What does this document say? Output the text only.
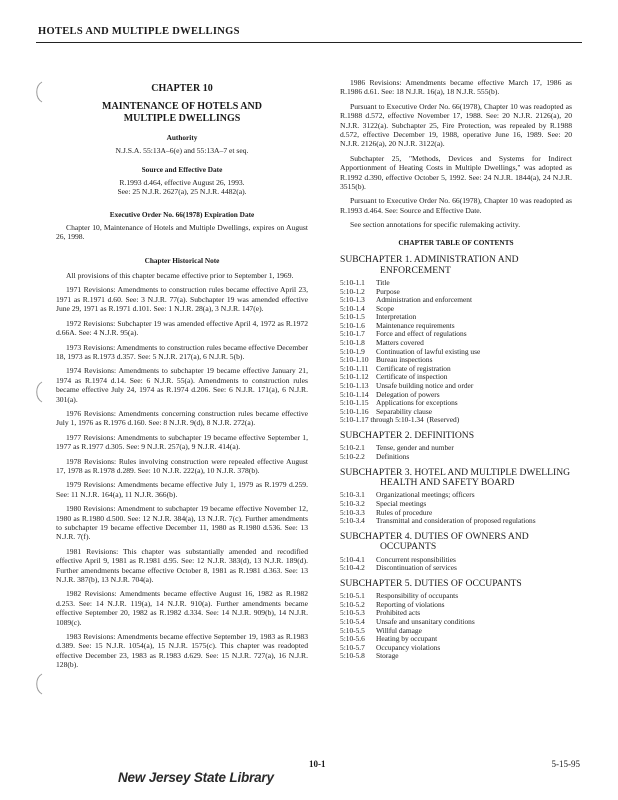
HOTELS AND MULTIPLE DWELLINGS
CHAPTER 10
MAINTENANCE OF HOTELS AND MULTIPLE DWELLINGS
Authority
N.J.S.A. 55:13A–6(e) and 55:13A–7 et seq.
Source and Effective Date
R.1993 d.464, effective August 26, 1993.
See: 25 N.J.R. 2627(a), 25 N.J.R. 4482(a).
Executive Order No. 66(1978) Expiration Date
Chapter 10, Maintenance of Hotels and Multiple Dwellings, expires on August 26, 1998.
Chapter Historical Note
All provisions of this chapter became effective prior to September 1, 1969.
1971 Revisions: Amendments to construction rules became effective April 23, 1971 as R.1971 d.60. See: 3 N.J.R. 77(a). Subchapter 19 was amended effective June 29, 1971 as R.1971 d.101. See: 1 N.J.R. 28(a), 3 N.J.R. 147(e).
1972 Revisions: Subchapter 19 was amended effective April 4, 1972 as R.1972 d.66A. See: 4 N.J.R. 95(a).
1973 Revisions: Amendments to construction rules became effective December 18, 1973 as R.1973 d.357. See: 5 N.J.R. 217(a), 6 N.J.R. 5(b).
1974 Revisions: Amendments to subchapter 19 became effective January 21, 1974 as R.1974 d.14. See: 6 N.J.R. 55(a). Amendments to construction rules became effective July 24, 1974 as R.1974 d.206. See: 6 N.J.R. 171(a), 6 N.J.R. 301(a).
1976 Revisions: Amendments concerning construction rules became effective July 1, 1976 as R.1976 d.160. See: 8 N.J.R. 9(d), 8 N.J.R. 272(a).
1977 Revisions: Amendments to subchapter 19 became effective September 1, 1977 as R.1977 d.305. See: 9 N.J.R. 257(a), 9 N.J.R. 414(a).
1978 Revisions: Rules involving construction were repealed effective August 17, 1978 as R.1978 d.289. See: 10 N.J.R. 222(a), 10 N.J.R. 378(b).
1979 Revisions: Amendments became effective July 1, 1979 as R.1979 d.259. See: 11 N.J.R. 164(a), 11 N.J.R. 366(b).
1980 Revisions: Amendment to subchapter 19 became effective November 12, 1980 as R.1980 d.500. See: 12 N.J.R. 384(a), 13 N.J.R. 7(c). Further amendments to subchapter 19 became effective December 11, 1980 as R.1980 d.536. See: 13 N.J.R. 7(f).
1981 Revisions: This chapter was substantially amended and recodified effective April 9, 1981 as R.1981 d.95. See: 12 N.J.R. 383(d), 13 N.J.R. 189(d). Further amendments became effective October 8, 1981 as R.1981 d.363. See: 13 N.J.R. 387(b), 13 N.J.R. 704(a).
1982 Revisions: Amendments became effective August 16, 1982 as R.1982 d.253. See: 14 N.J.R. 119(a), 14 N.J.R. 910(a). Further amendments became effective September 20, 1982 as R.1982 d.334. See: 14 N.J.R. 909(b), 14 N.J.R. 1089(c).
1983 Revisions: Amendments became effective September 19, 1983 as R.1983 d.389. See: 15 N.J.R. 1054(a), 15 N.J.R. 1575(c). This chapter was readopted effective December 23, 1983 as R.1983 d.629. See: 15 N.J.R. 727(a), 16 N.J.R. 128(b).
1986 Revisions: Amendments became effective March 17, 1986 as R.1986 d.61. See: 18 N.J.R. 16(a), 18 N.J.R. 555(b).
Pursuant to Executive Order No. 66(1978), Chapter 10 was readopted as R.1988 d.572, effective November 17, 1988. See: 20 N.J.R. 2126(a), 20 N.J.R. 3122(a). Subchapter 25, Fire Protection, was repealed by R.1988 d.572, effective December 19, 1988, operative June 16, 1989. See: 20 N.J.R. 2126(a), 20 N.J.R. 3122(a).
Subchapter 25, "Methods, Devices and Systems for Indirect Apportionment of Heating Costs in Multiple Dwellings," was adopted as R.1992 d.390, effective October 5, 1992. See: 24 N.J.R. 1844(a), 24 N.J.R. 3515(b).
Pursuant to Executive Order No. 66(1978), Chapter 10 was readopted as R.1993 d.464. See: Source and Effective Date.
See section annotations for specific rulemaking activity.
CHAPTER TABLE OF CONTENTS
SUBCHAPTER 1. ADMINISTRATION AND
ENFORCEMENT
5:10-1.1	Title
5:10-1.2	Purpose
5:10-1.3	Administration and enforcement
5:10-1.4	Scope
5:10-1.5	Interpretation
5:10-1.6	Maintenance requirements
5:10-1.7	Force and effect of regulations
5:10-1.8	Matters covered
5:10-1.9	Continuation of lawful existing use
5:10-1.10	Bureau inspections
5:10-1.11	Certificate of registration
5:10-1.12	Certificate of inspection
5:10-1.13	Unsafe building notice and order
5:10-1.14	Delegation of powers
5:10-1.15	Applications for exceptions
5:10-1.16	Separability clause
5:10-1.17 through 5:10-1.34 (Reserved)
SUBCHAPTER 2. DEFINITIONS
5:10-2.1	Tense, gender and number
5:10-2.2	Definitions
SUBCHAPTER 3. HOTEL AND MULTIPLE DWELLING
HEALTH AND SAFETY BOARD
5:10-3.1	Organizational meetings; officers
5:10-3.2	Special meetings
5:10-3.3	Rules of procedure
5:10-3.4	Transmittal and consideration of proposed regulations
SUBCHAPTER 4. DUTIES OF OWNERS AND
OCCUPANTS
5:10-4.1	Concurrent responsibilities
5:10-4.2	Discontinuation of services
SUBCHAPTER 5. DUTIES OF OCCUPANTS
5:10-5.1	Responsibility of occupants
5:10-5.2	Reporting of violations
5:10-5.3	Prohibited acts
5:10-5.4	Unsafe and unsanitary conditions
5:10-5.5	Willful damage
5:10-5.6	Heating by occupant
5:10-5.7	Occupancy violations
5:10-5.8	Storage
10-1	5-15-95
New Jersey State Library
